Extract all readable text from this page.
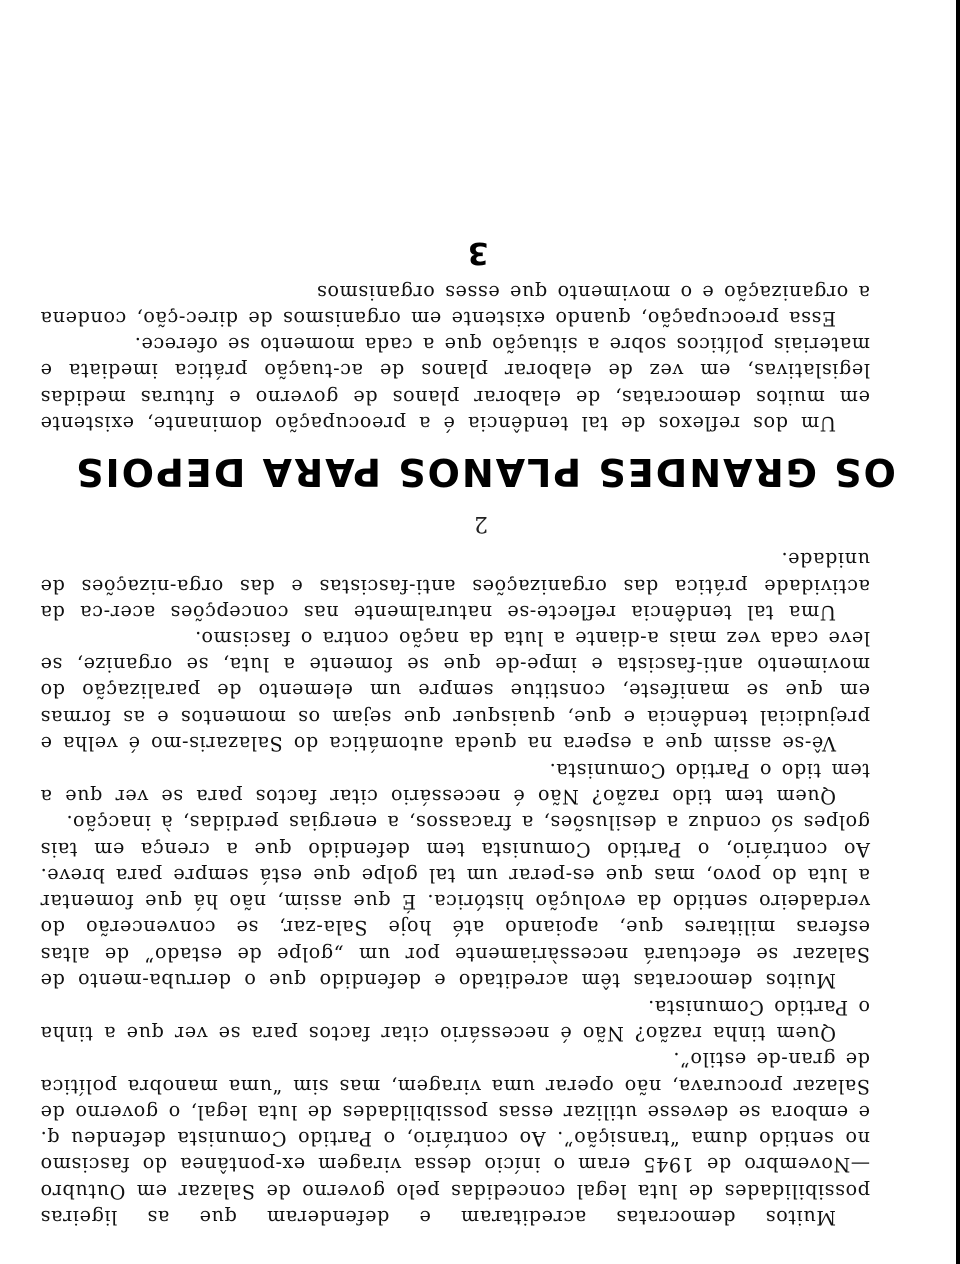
Muitos democratas acreditaram e defenderam que as ligeiras possibilidades de luta legal concedidas pelo governo de Salazar em Outubro—Novembro de 1945 eram o início dessa viragem ex-pontânea do fascismo no sentido duma “transição”. Ao contrário, o Partido Comunista defendeu q. e embora se devesse utilizar essas possibilidades de luta legal, o governo de Salazar procurava, não operar uma viragem, mas sim “uma manobra política de gran-de estilo”.

Quem tinha razão? Não é necessário citar factos para se ver que a tinha o Partido Comunista.

Muitos democratas têm acreditado e defendido que o derruba-mento de Salazar se efectuará necessàriamente por um „golpe de estado” de altas esferas militares que, apoiando até hoje Sala-zar, se convencerão do verdadeiro sentido da evolução histórica. É que assim, não há que fomentar a luta do povo, mas que es-perar um tal golpe que está sempre para breve. Ao contrário, o Partido Comunista tem defendido que a crença em tais golpes só conduz a desilusões, a fracassos, a energias perdidas, à inacção.

Quem tem tido razão? Não é necessário citar factos para se ver que a tem tido o Partido Comunista.

Vê-se assim que a espera na queda automática do Salazaris-mo é velha e prejudicial tendência e que, quaisquer que sejam os momentos e as formas em que se manifeste, constitue sempre um elemento de paralização do movimento anti-fascista e impe-de que se fomente a luta, se organize, se leve cada vez mais a-diante a luta da nação contra o fascismo.

Uma tal tendência reflecte-se naturalmente nas concepções acer-ca da actividade prática das organizações anti-fascistas e das orga-nizações de unidade.

2
OS GRANDES PLANOS PARA DEPOIS

Um dos reflexos de tal tendência é a preocupação dominante, existente em muitos democratas, de elaborar planos de governo e futuras medidas legislativas, em vez de elaborar planos de ac-tuação prática imediata e materiais políticos sobre a situação que a cada momento se oferece.

Essa preocupação, quando existente em organismos de direc-ção, condena a organização e o movimento que esses organismos

3
